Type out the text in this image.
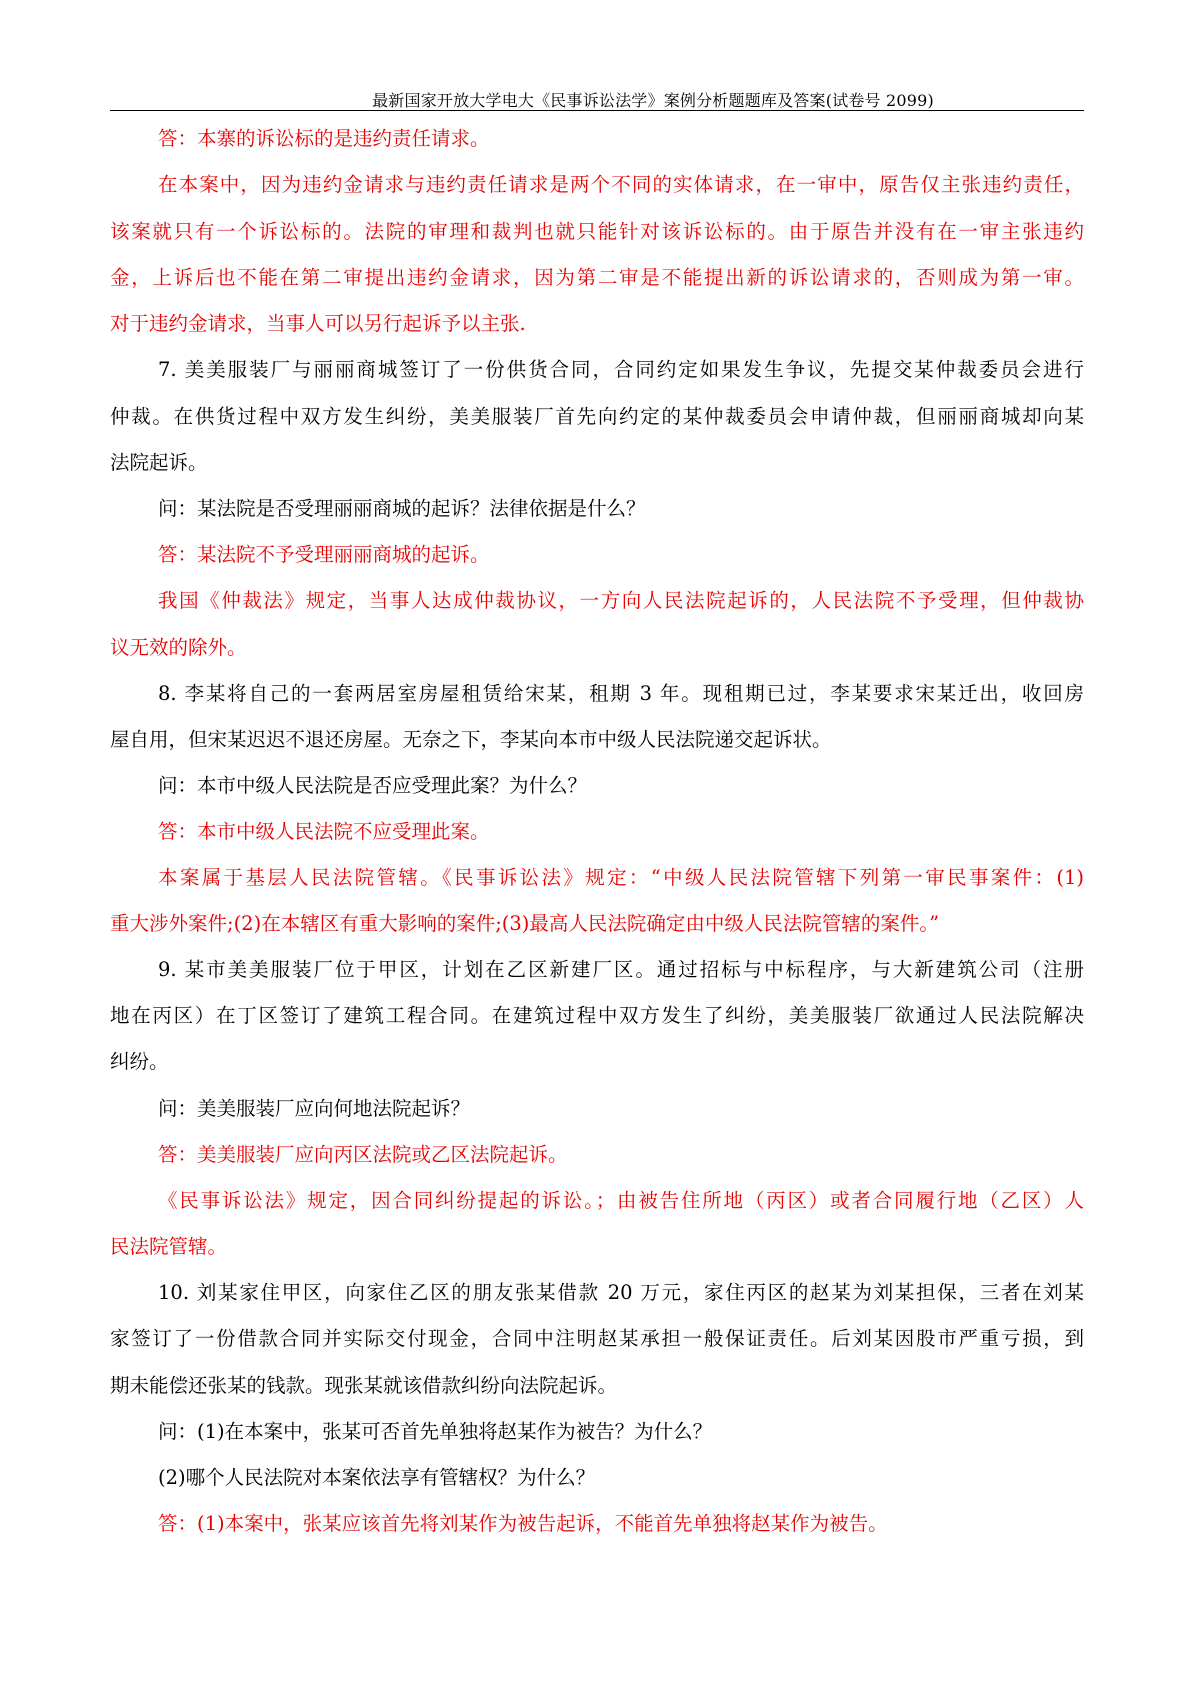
最新国家开放大学电大《民事诉讼法学》案例分析题题库及答案(试卷号 2099)
答：本寨的诉讼标的是违约责任请求。
在本案中，因为违约金请求与违约责任请求是两个不同的实体请求，在一审中，原告仅主张违约责任，
该案就只有一个诉讼标的。法院的审理和裁判也就只能针对该诉讼标的。由于原告并没有在一审主张违约
金，上诉后也不能在第二审提出违约金请求，因为第二审是不能提出新的诉讼请求的，否则成为第一审。
对于违约金请求，当事人可以另行起诉予以主张.
7. 美美服装厂与丽丽商城签订了一份供货合同，合同约定如果发生争议，先提交某仲裁委员会进行
仲裁。在供货过程中双方发生纠纷，美美服装厂首先向约定的某仲裁委员会申请仲裁，但丽丽商城却向某
法院起诉。
问：某法院是否受理丽丽商城的起诉？法律依据是什么？
答：某法院不予受理丽丽商城的起诉。
我国《仲裁法》规定，当事人达成仲裁协议，一方向人民法院起诉的，人民法院不予受理，但仲裁协
议无效的除外。
8. 李某将自己的一套两居室房屋租赁给宋某，租期 3 年。现租期已过，李某要求宋某迁出，收回房
屋自用，但宋某迟迟不退还房屋。无奈之下，李某向本市中级人民法院递交起诉状。
问：本市中级人民法院是否应受理此案？为什么？
答：本市中级人民法院不应受理此案。
本案属于基层人民法院管辖。《民事诉讼法》规定：“中级人民法院管辖下列第一审民事案件：(1)
重大涉外案件;(2)在本辖区有重大影响的案件;(3)最高人民法院确定由中级人民法院管辖的案件。”
9. 某市美美服装厂位于甲区，计划在乙区新建厂区。通过招标与中标程序，与大新建筑公司（注册
地在丙区）在丁区签订了建筑工程合同。在建筑过程中双方发生了纠纷，美美服装厂欲通过人民法院解决
纠纷。
问：美美服装厂应向何地法院起诉？
答：美美服装厂应向丙区法院或乙区法院起诉。
《民事诉讼法》规定，因合同纠纷提起的诉讼。；由被告住所地（丙区）或者合同履行地（乙区）人
民法院管辖。
10. 刘某家住甲区，向家住乙区的朋友张某借款 20 万元，家住丙区的赵某为刘某担保，三者在刘某
家签订了一份借款合同并实际交付现金，合同中注明赵某承担一般保证责任。后刘某因股市严重亏损，到
期未能偿还张某的钱款。现张某就该借款纠纷向法院起诉。
问：(1)在本案中，张某可否首先单独将赵某作为被告？为什么？
(2)哪个人民法院对本案依法享有管辖权？为什么？
答：(1)本案中，张某应该首先将刘某作为被告起诉，不能首先单独将赵某作为被告。
